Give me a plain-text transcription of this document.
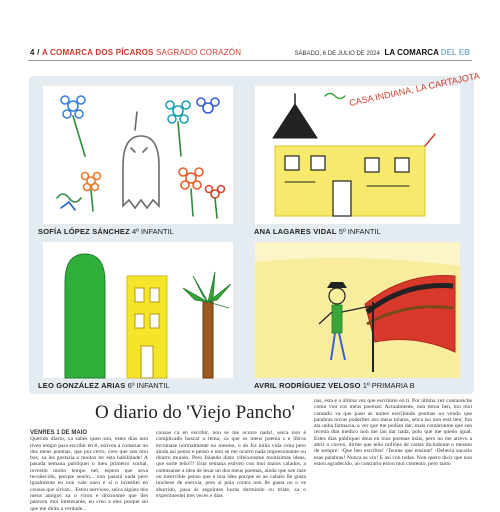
4 / A COMARCA DOS PÍCAROS SAGRADO CORAZÓN	SÁBADO, 6 DE JULIO DE 2024 LA COMARCA DEL EB
SOFÍA LÓPEZ SÁNCHEZ 4º INFANTIL
CASA INDIANA, LA CARTAJOTA
ANA LAGARES VIDAL 5º INFANTIL
LEO GONZÁLEZ ARIAS 6º INFANTIL	AVRIL RODRÍGUEZ VELOSO 1º PRIMARIA B
O diario do 'Viejo Pancho'

VENRES 1 DE MAIO

Querido diario, xa sabes quen son, estes días non tiven tempo para escribir en ti, estiven a comezar un dos meus poemas, que por certo, creo que son moi bos, xa les gustaría a moitos ter esta habilidade! A pasada semana publiquei o meu primeiro xornal, investín moito tempo nel, espero que sexa recoñecido, porque senón... non pasará nada pero igualmente eu non vale ouro e si o investiei en cousas que sirvan... Estou nervioso, seica algúns dos meus amigos xa o viron e díxironme que lles pareceu moi interesante, eu creo a eles porque sei que me dirán a verdade...

cousas ca en escribir, non se me ocorre nada!, seica non é complicado buscar o tema, xa que os meus poema s e libros ércomase normalmente no mesmo, o do fra miña vida ceita pero ainda así penso e penso e non se me ocorre nada impresionante ou doutro mundo. Pero falando disto vifeixonsme moitísimas ideas, que sorte teño!!! Esta semana estiven con moi malos calados, a contusanse a idea de lesar un dos meus poemas, ainda que xee raze ou inservible penso que é boa idea porque se ao cabalo lle gusta imchese de enerxía, pero si pola contra non lle gusta ou o ve aburrido, pasa ás seguintes horas durmindo ou triste, xa o experimentei tres veces e dias

nas, esta é a última vez que escribirei en ti. Por última vez contareiche como vou cos meus poemas: Actualmente, non estou ben, tou moi cansado xa que paso as noites escribindo poemas ou vendo que palabras novas poderlles aos meus tolatos, seica iso non está ben; fun ata unha farmacia, a ver que me podían dar, mais contáronme que sen receita dun médico non me ían dar nada, polo que me quedo igual. Estes días publiquei dous en tous poemas máis, pero no me atrevo a abrir o correo, dirme que teño millóns de cartas dicíndome o mesmo de sempre: -Que ben escribes! -Teume que ensinar! -Debería sacarlo esas palabras! Nunca as vin! E así con todas. Non quero dicir que non estou agradecido, ao contrario estou moi contento, pero tanto
